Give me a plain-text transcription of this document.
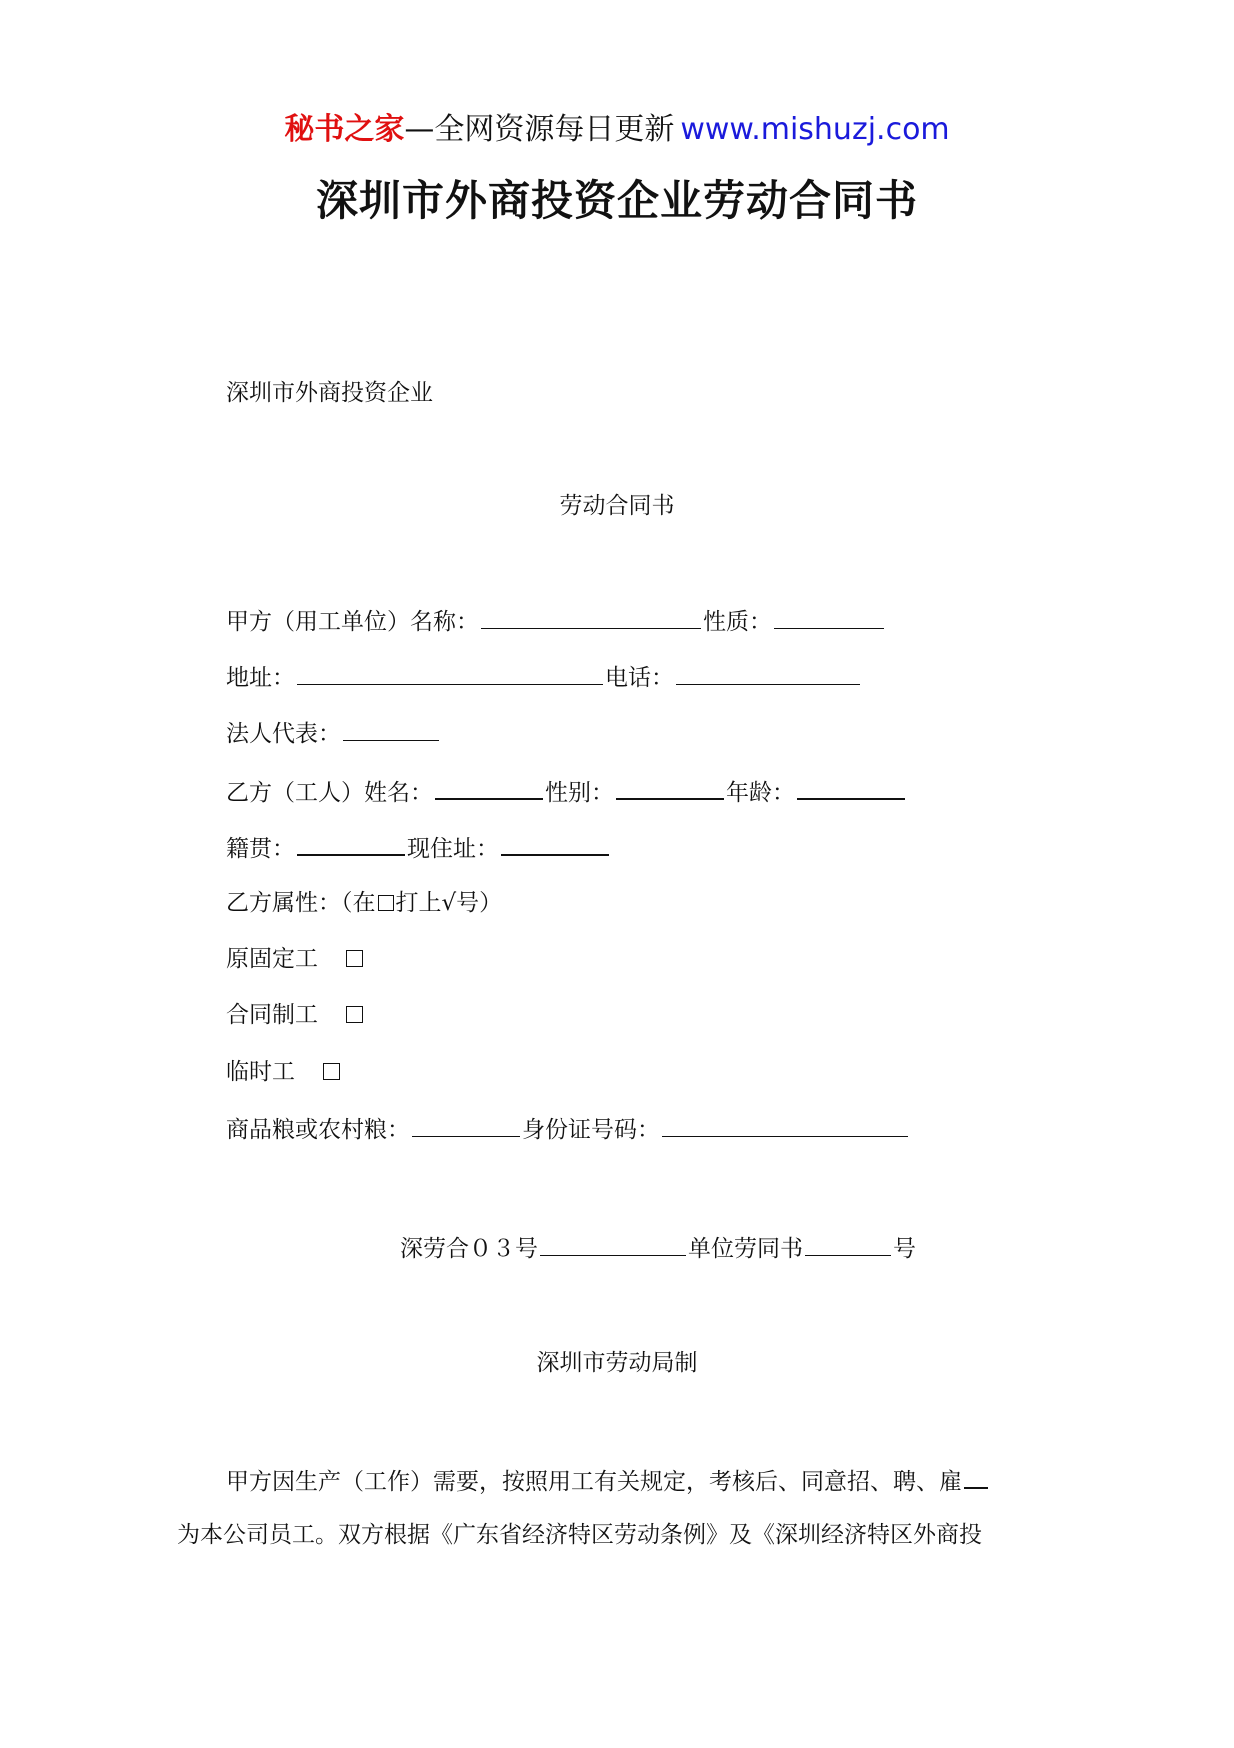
秘书之家—全网资源每日更新 www.mishuzj.com
深圳市外商投资企业劳动合同书
深圳市外商投资企业
劳动合同书
甲方（用工单位）名称：	性质：
地址：	电话：
法人代表：
乙方（工人）姓名：	性别：	年龄：
籍贯：	现住址：
乙方属性：（在 打上√号）
原固定工
合同制工
临时工
商品粮或农村粮：	身份证号码：
深劳合０３号	单位劳同书	号
深圳市劳动局制
甲方因生产（工作）需要，按照用工有关规定，考核后、同意招、聘、雇
为本公司员工。双方根据《广东省经济特区劳动条例》及《深圳经济特区外商投
